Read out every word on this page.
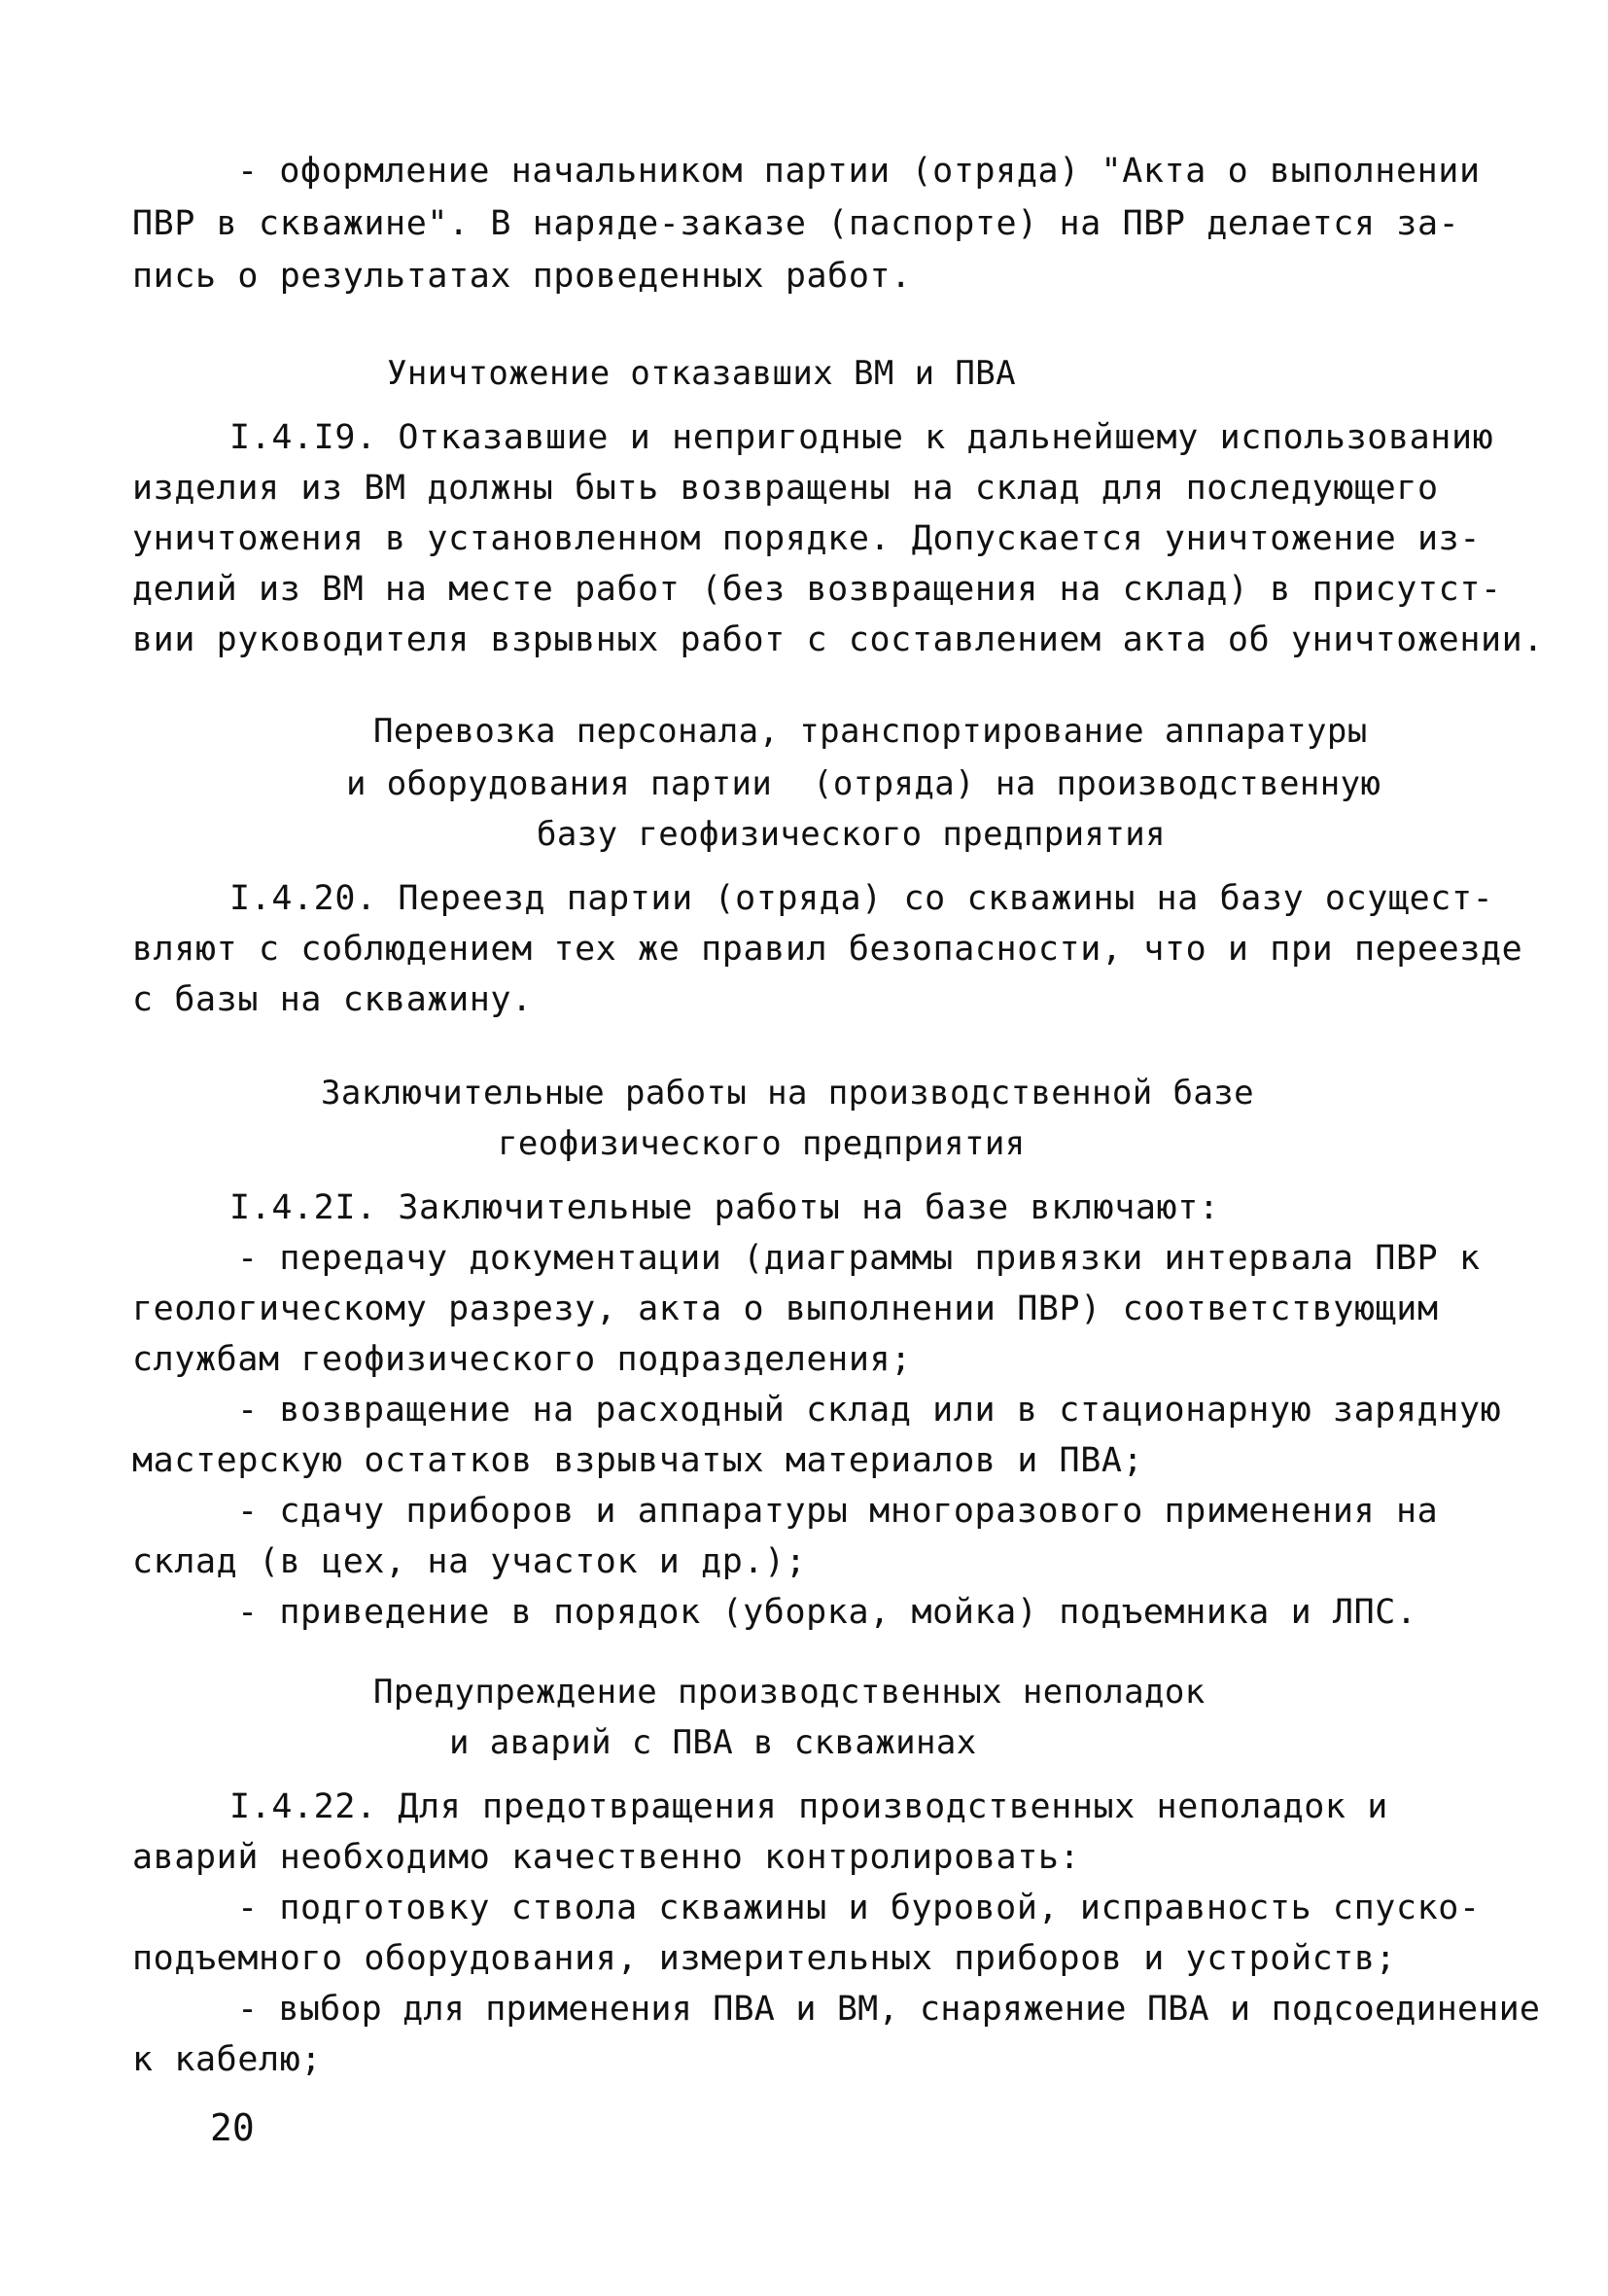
- оформление начальником партии (отряда) "Акта о выполнении

ПВР в скважине". В наряде-заказе (паспорте) на ПВР делается за-

пись о результатах проведенных работ.

Уничтожение отказавших ВМ и ПВА

I.4.I9. Отказавшие и непригодные к дальнейшему использованию

изделия из ВМ должны быть возвращены на склад для последующего

уничтожения в установленном порядке. Допускается уничтожение из-

делий из ВМ на месте работ (без возвращения на склад) в присутст-

вии руководителя взрывных работ с составлением акта об уничтожении.

Перевозка персонала, транспортирование аппаратуры

и оборудования партии  (отряда) на производственную

базу геофизического предприятия

I.4.20. Переезд партии (отряда) со скважины на базу осущест-

вляют с соблюдением тех же правил безопасности, что и при переезде

с базы на скважину.

Заключительные работы на производственной базе

геофизического предприятия

I.4.2I. Заключительные работы на базе включают:

- передачу документации (диаграммы привязки интервала ПВР к

геологическому разрезу, акта о выполнении ПВР) соответствующим

службам геофизического подразделения;

- возвращение на расходный склад или в стационарную зарядную

мастерскую остатков взрывчатых материалов и ПВА;

- сдачу приборов и аппаратуры многоразового применения на

склад (в цех, на участок и др.);

- приведение в порядок (уборка, мойка) подъемника и ЛПС.

Предупреждение производственных неполадок

и аварий с ПВА в скважинах

I.4.22. Для предотвращения производственных неполадок и

аварий необходимо качественно контролировать:

- подготовку ствола скважины и буровой, исправность спуско-

подъемного оборудования, измерительных приборов и устройств;

- выбор для применения ПВА и ВМ, снаряжение ПВА и подсоединение

к кабелю;

20
